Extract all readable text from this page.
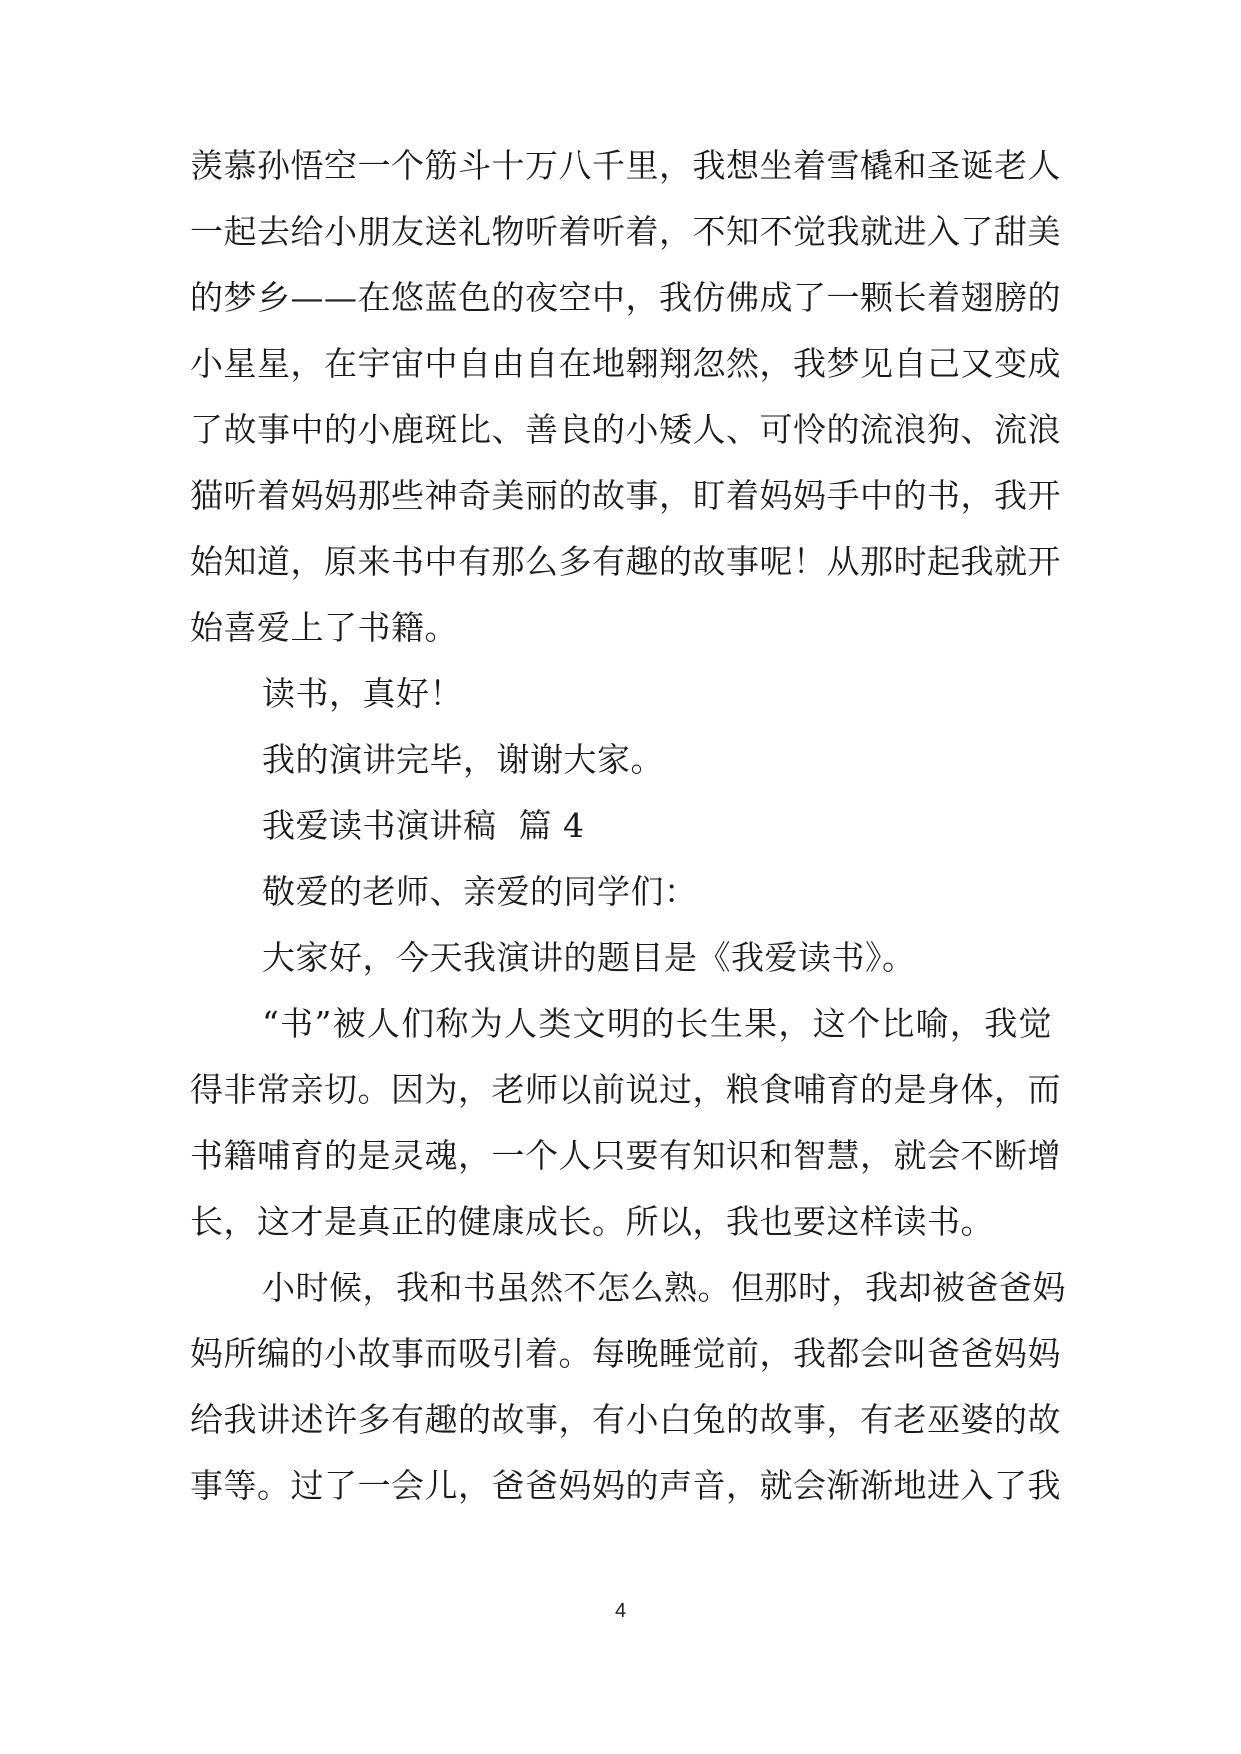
羡慕孙悟空一个筋斗十万八千里，我想坐着雪橇和圣诞老人
一起去给小朋友送礼物听着听着，不知不觉我就进入了甜美
的梦乡——在悠蓝色的夜空中，我仿佛成了一颗长着翅膀的
小星星，在宇宙中自由自在地翱翔忽然，我梦见自己又变成
了故事中的小鹿斑比、善良的小矮人、可怜的流浪狗、流浪
猫听着妈妈那些神奇美丽的故事，盯着妈妈手中的书，我开
始知道，原来书中有那么多有趣的故事呢！从那时起我就开
始喜爱上了书籍。
读书，真好！
我的演讲完毕，谢谢大家。
我爱读书演讲稿  篇 4
敬爱的老师、亲爱的同学们：
大家好，今天我演讲的题目是《我爱读书》。
“书”被人们称为人类文明的长生果，这个比喻，我觉
得非常亲切。因为，老师以前说过，粮食哺育的是身体，而
书籍哺育的是灵魂，一个人只要有知识和智慧，就会不断增
长，这才是真正的健康成长。所以，我也要这样读书。
小时候，我和书虽然不怎么熟。但那时，我却被爸爸妈
妈所编的小故事而吸引着。每晚睡觉前，我都会叫爸爸妈妈
给我讲述许多有趣的故事，有小白兔的故事，有老巫婆的故
事等。过了一会儿，爸爸妈妈的声音，就会渐渐地进入了我
4
